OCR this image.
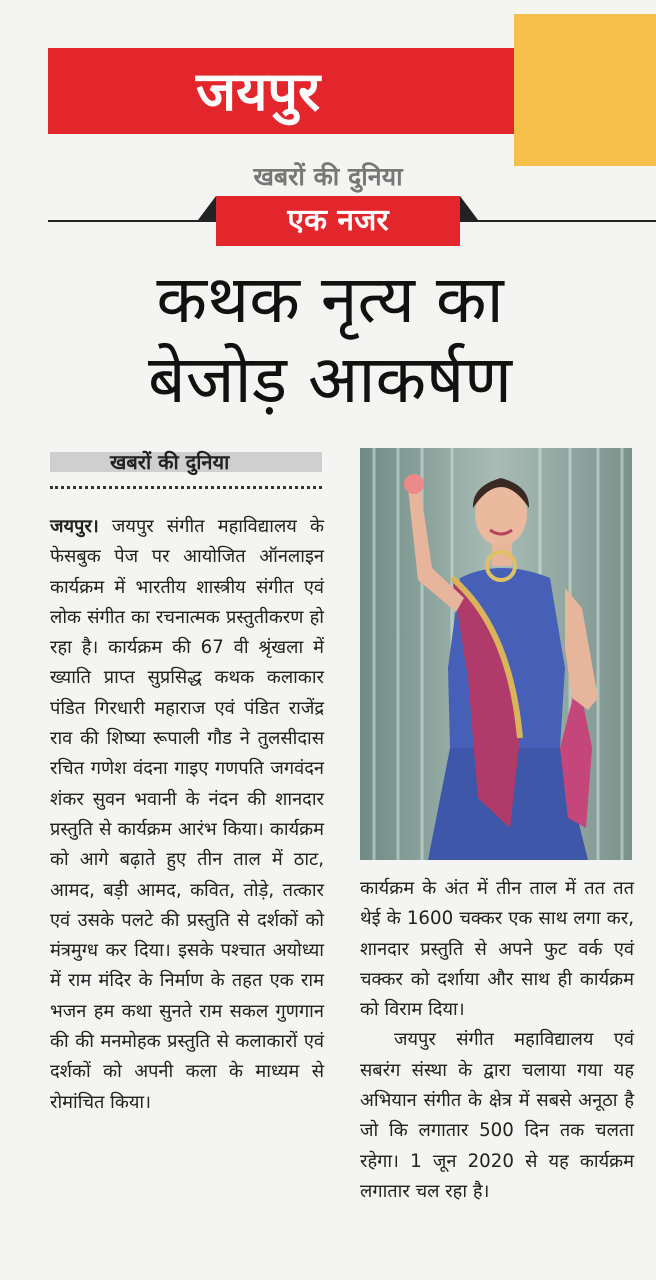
जयपुर
खबरों की दुनिया
एक नजर
कथक नृत्य का
बेजोड़ आकर्षण
खबरों की दुनिया

जयपुर। जयपुर संगीत महाविद्यालय के फेसबुक पेज पर आयोजित ऑनलाइन कार्यक्रम में भारतीय शास्त्रीय संगीत एवं लोक संगीत का रचनात्मक प्रस्तुतीकरण हो रहा है। कार्यक्रम की 67 वी श्रृंखला में ख्याति प्राप्त सुप्रसिद्ध कथक कलाकार पंडित गिरधारी महाराज एवं पंडित राजेंद्र राव की शिष्या रूपाली गौड ने तुलसीदास रचित गणेश वंदना गाइए गणपति जगवंदन शंकर सुवन भवानी के नंदन की शानदार प्रस्तुति से कार्यक्रम आरंभ किया। कार्यक्रम को आगे बढ़ाते हुए तीन ताल में ठाट, आमद, बड़ी आमद, कवित, तोड़े, तत्कार एवं उसके पलटे की प्रस्तुति से दर्शकों को मंत्रमुग्ध कर दिया। इसके पश्चात अयोध्या में राम मंदिर के निर्माण के तहत एक राम भजन हम कथा सुनते राम सकल गुणगान की की मनमोहक प्रस्तुति से कलाकारों एवं दर्शकों को अपनी कला के माध्यम से रोमांचित किया।

कार्यक्रम के अंत में तीन ताल में तत तत थेई के 1600 चक्कर एक साथ लगा कर, शानदार प्रस्तुति से अपने फुट वर्क एवं चक्कर को दर्शाया और साथ ही कार्यक्रम को विराम दिया।

जयपुर संगीत महाविद्यालय एवं सबरंग संस्था के द्वारा चलाया गया यह अभियान संगीत के क्षेत्र में सबसे अनूठा है जो कि लगातार 500 दिन तक चलता रहेगा। 1 जून 2020 से यह कार्यक्रम लगातार चल रहा है।
